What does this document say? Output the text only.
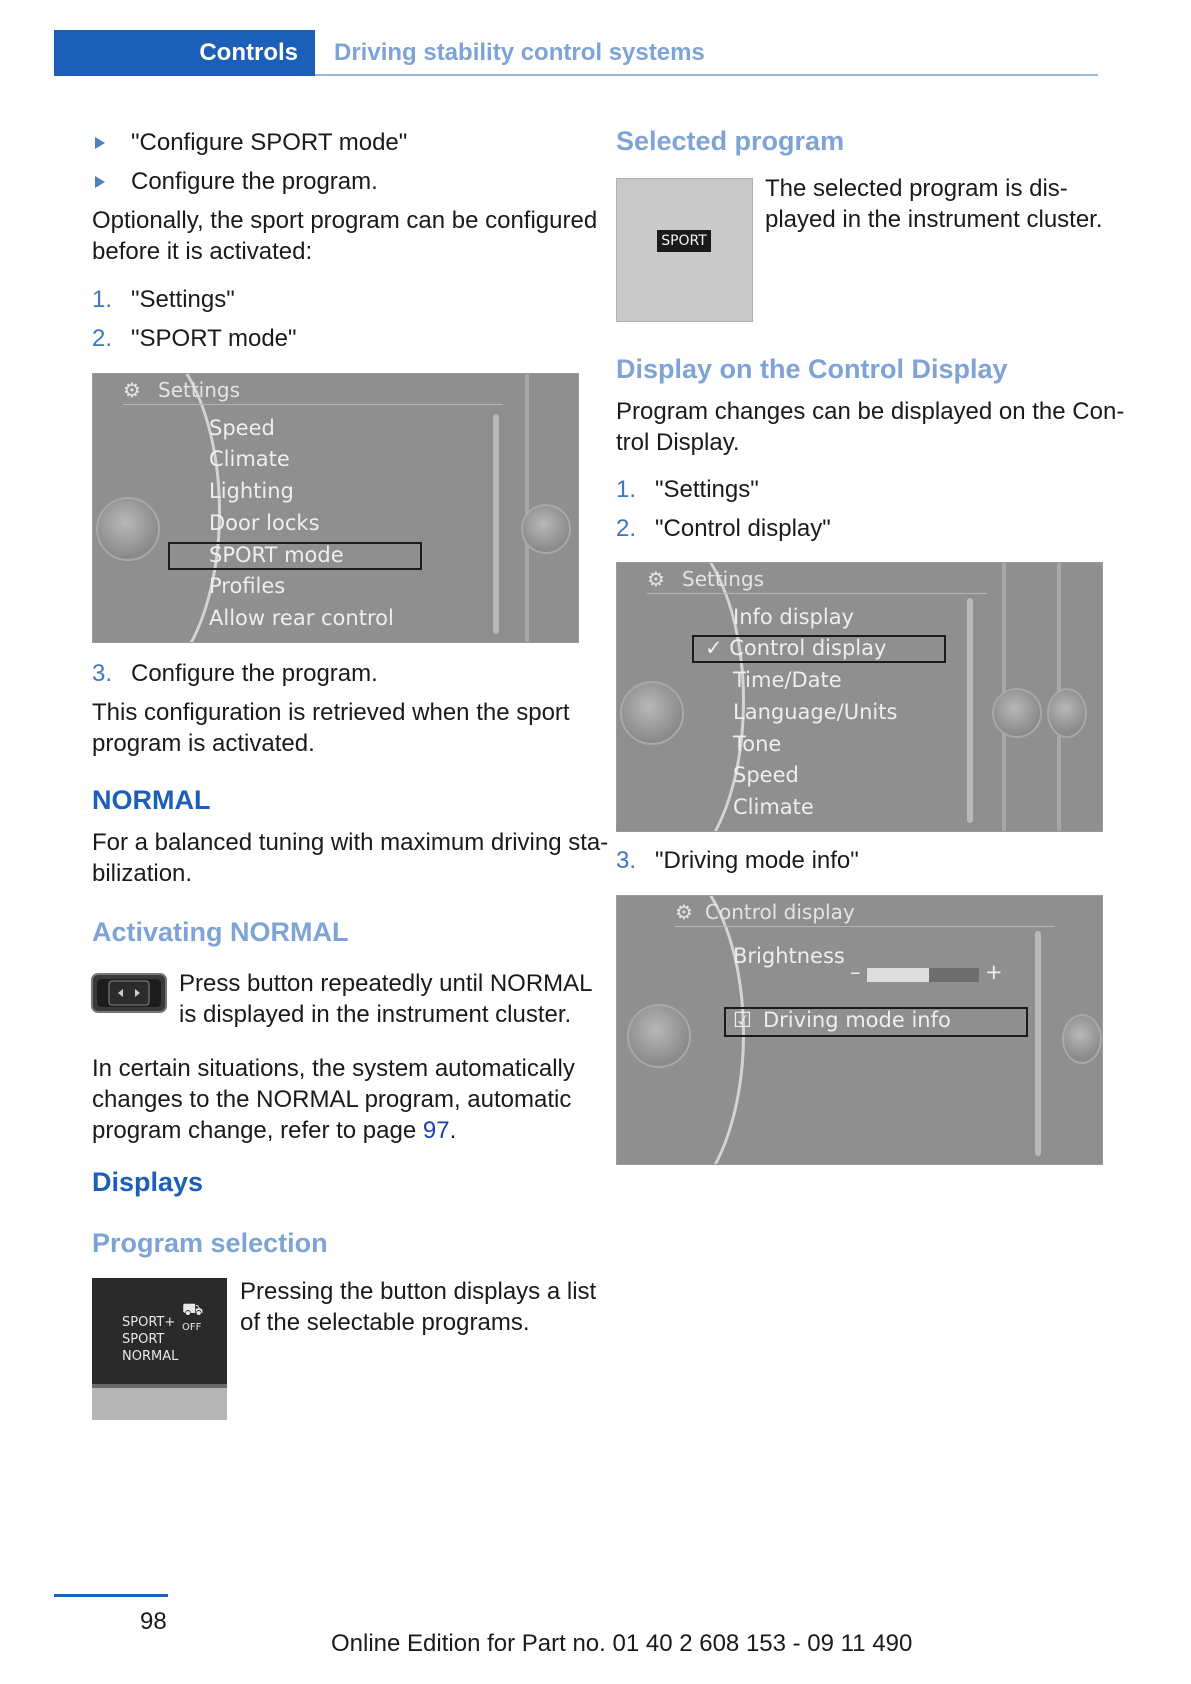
Controls Driving stability control systems
"Configure SPORT mode"
Configure the program.
Optionally, the sport program can be configured
before it is activated:
1. "Settings"
2. "SPORT mode"
⚙ Settings
Speed
Climate
Lighting
Door locks
SPORT mode
Profiles
Allow rear control
3. Configure the program.
This configuration is retrieved when the sport
program is activated.
NORMAL
For a balanced tuning with maximum driving sta-
bilization.
Activating NORMAL
Press button repeatedly until NORMAL
is displayed in the instrument cluster.
In certain situations, the system automatically
changes to the NORMAL program, automatic
program change, refer to page 97.
Displays
Program selection
SPORT+
SPORT
NORMAL
⛟
OFF
Pressing the button displays a list
of the selectable programs.
Selected program
SPORT
The selected program is dis-
played in the instrument cluster.
Display on the Control Display
Program changes can be displayed on the Con-
trol Display.
1. "Settings"
2. "Control display"
⚙ Settings
Info display
✓ Control display
Time/Date
Language/Units
Tone
Speed
Climate
3. "Driving mode info"
⚙ Control display
Brightness
–	+
☑ Driving mode info
98
Online Edition for Part no. 01 40 2 608 153 - 09 11 490
